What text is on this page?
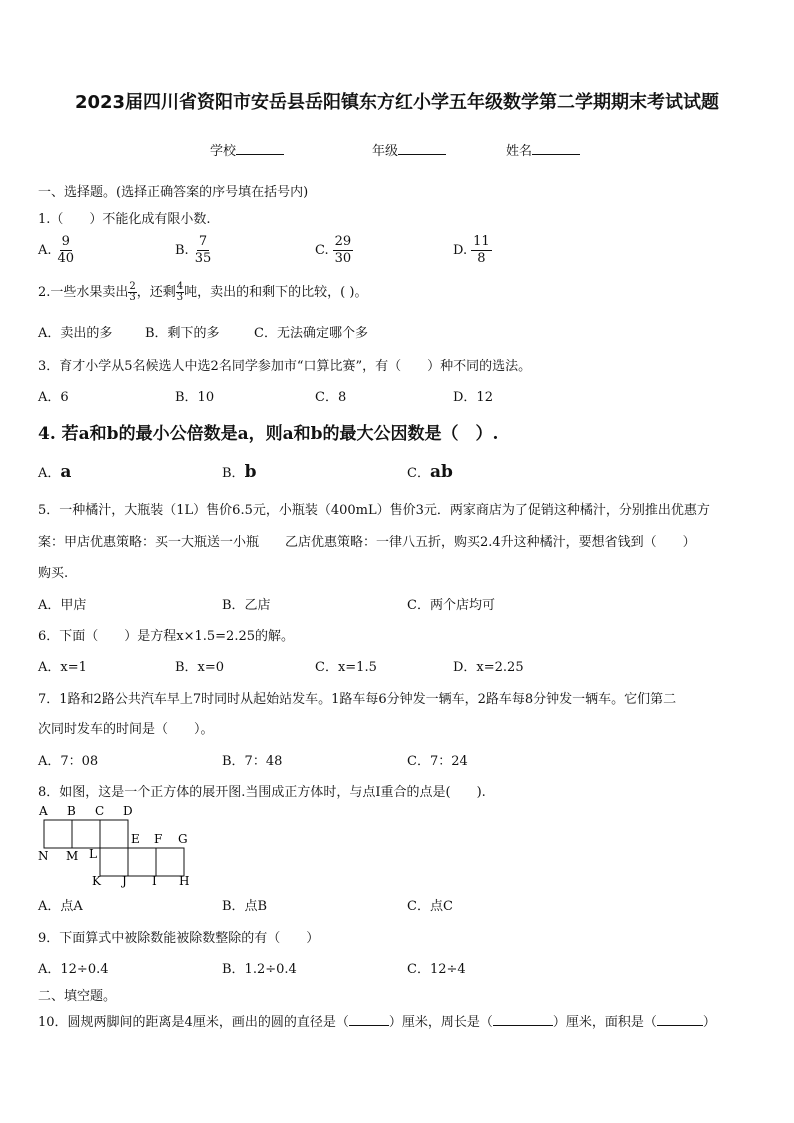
2023届四川省资阳市安岳县岳阳镇东方红小学五年级数学第二学期期末考试试题
学校	年级	姓名
一、选择题。(选择正确答案的序号填在括号内)
1.（　　）不能化成有限小数.
A. $\frac{9}{40}$	B. $\frac{7}{35}$	C. $\frac{29}{30}$	D. $\frac{11}{8}$
2.一些水果卖出 $\frac{2}{3}$ ，还剩 $\frac{4}{3}$ 吨，卖出的和剩下的比较，( )。
A．卖出的多	B．剩下的多	C．无法确定哪个多
3．育才小学从5名候选人中选2名同学参加市“口算比赛”，有（　　）种不同的选法。
A．6	B．10	C．8	D．12
4. 若a和b的最小公倍数是a，则a和b的最大公因数是（　）.
A．a	B．b	C．ab
5．一种橘汁，大瓶装（1L）售价6.5元，小瓶装（400mL）售价3元．两家商店为了促销这种橘汁，分别推出优惠方
案：甲店优惠策略：买一大瓶送一小瓶　　乙店优惠策略：一律八五折，购买2.4升这种橘汁，要想省钱到（　　）
购买.
A．甲店	B．乙店	C．两个店均可
6．下面（　　）是方程x×1.5=2.25的解。
A．x=1	B．x=0	C．x=1.5	D．x=2.25
7．1路和2路公共汽车早上7时同时从起始站发车。1路车每6分钟发一辆车，2路车每8分钟发一辆车。它们第二
次同时发车的时间是（　　）。
A．7：08	B．7：48	C．7：24
8．如图，这是一个正方体的展开图.当围成正方体时，与点I重合的点是(　　).
A B C D
E F G
N M L
K J I H
A．点A	B．点B	C．点C
9．下面算式中被除数能被除数整除的有（　　）
A．12÷0.4	B．1.2÷0.4	C．12÷4
二、填空题。
10．圆规两脚间的距离是4厘米，画出的圆的直径是（	）厘米，周长是（	）厘米，面积是（	）
